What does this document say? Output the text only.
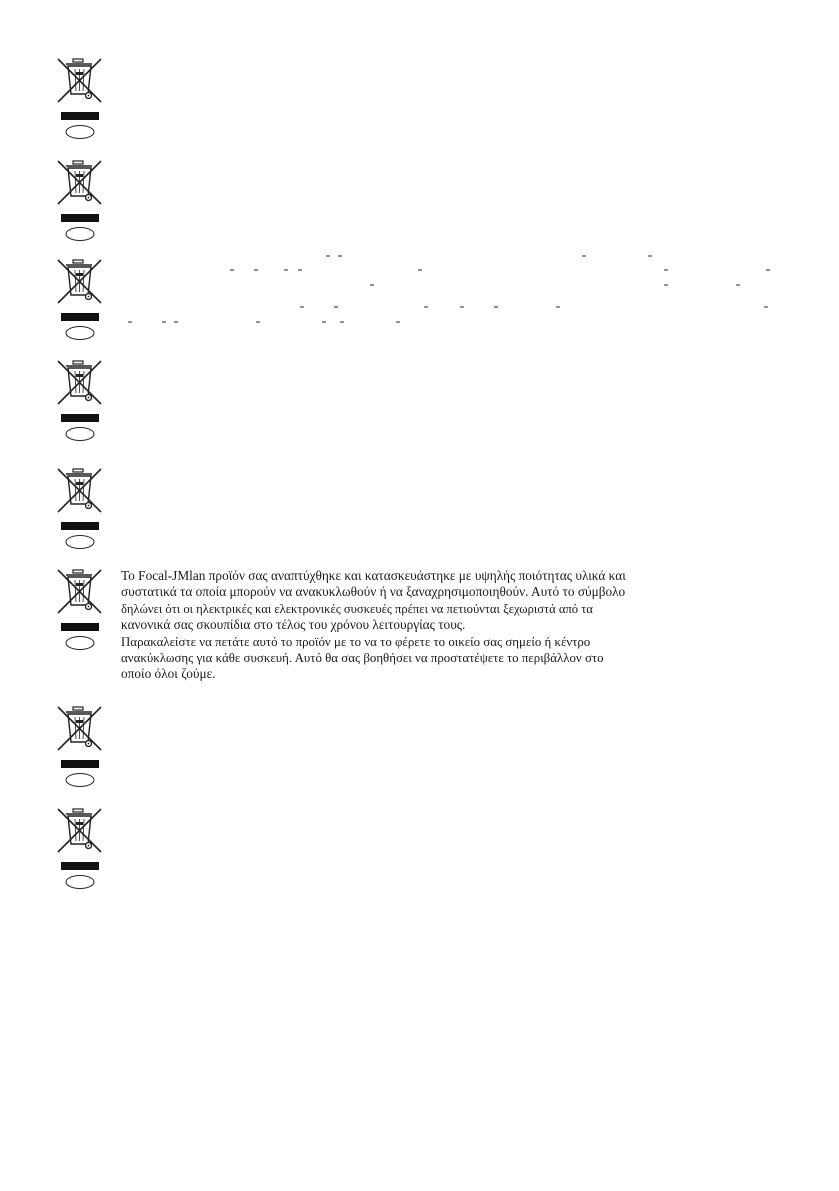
Το Focal-JMlan προϊόν σας αναπτύχθηκε και κατασκευάστηκε με υψηλής ποιότητας υλικά και

συστατικά τα οποία μπορούν να ανακυκλωθούν ή να ξαναχρησιμοποιηθούν. Αυτό το σύμβολο

δηλώνει ότι οι ηλεκτρικές και ελεκτρονικές συσκευές πρέπει να πετιούνται ξεχωριστά από τα

κανονικά σας σκουπίδια στο τέλος του χρόνου λειτουργίας τους.

Παρακαλείστε να πετάτε αυτό το προϊόν με το να το φέρετε το οικείο σας σημείο ή κέντρο

ανακύκλωσης για κάθε συσκευή. Αυτό θα σας βοηθήσει να προστατέψετε το περιβάλλον στο

οποίο όλοι ζούμε.
